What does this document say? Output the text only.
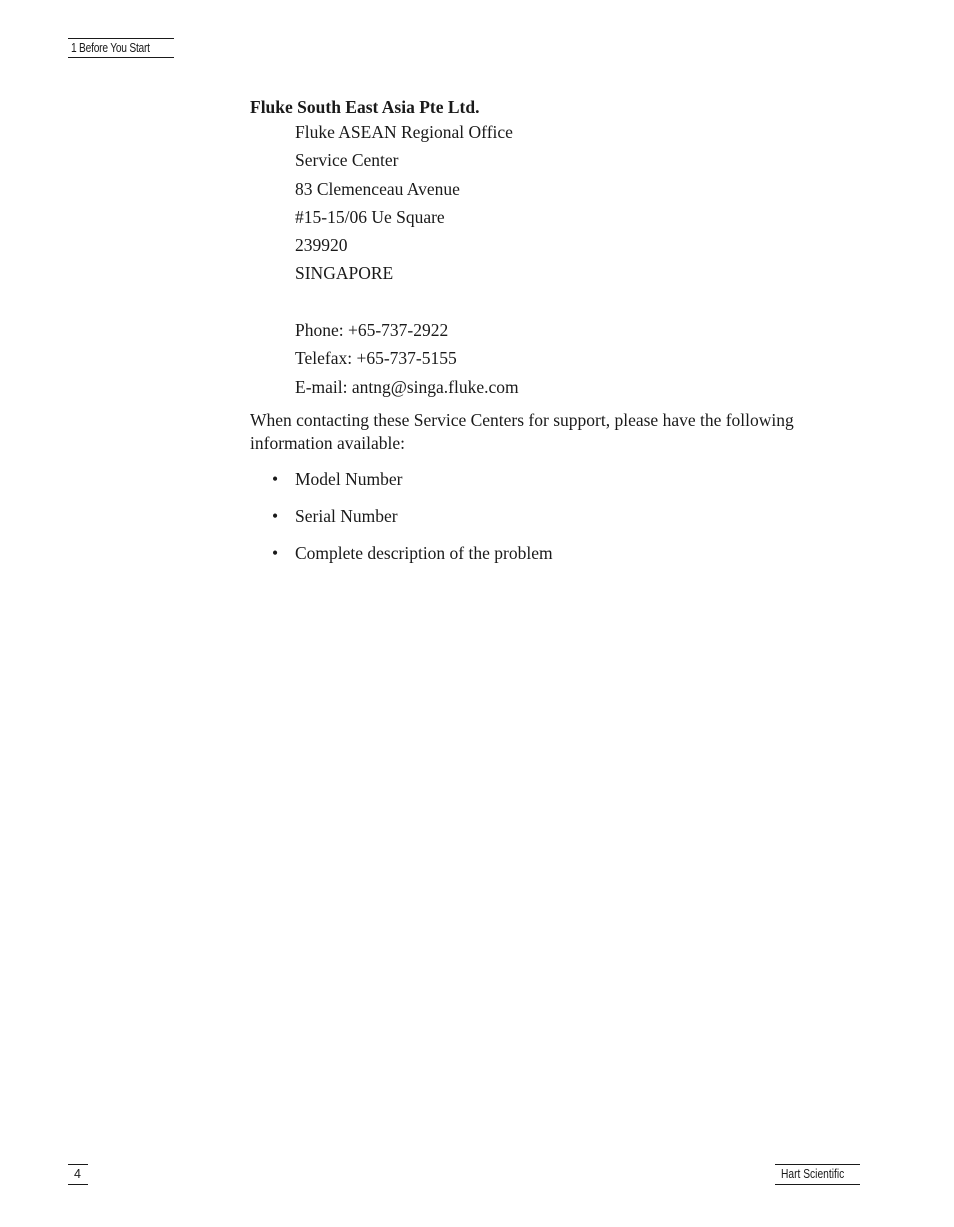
1 Before You Start

Fluke South East Asia Pte Ltd.

Fluke ASEAN Regional Office
Service Center
83 Clemenceau Avenue
#15-15/06 Ue Square
239920
SINGAPORE
Phone: +65-737-2922
Telefax: +65-737-5155
E-mail: antng@singa.fluke.com

When contacting these Service Centers for support, please have the following information available:

• Model Number
• Serial Number
• Complete description of the problem
4	Hart Scientific
